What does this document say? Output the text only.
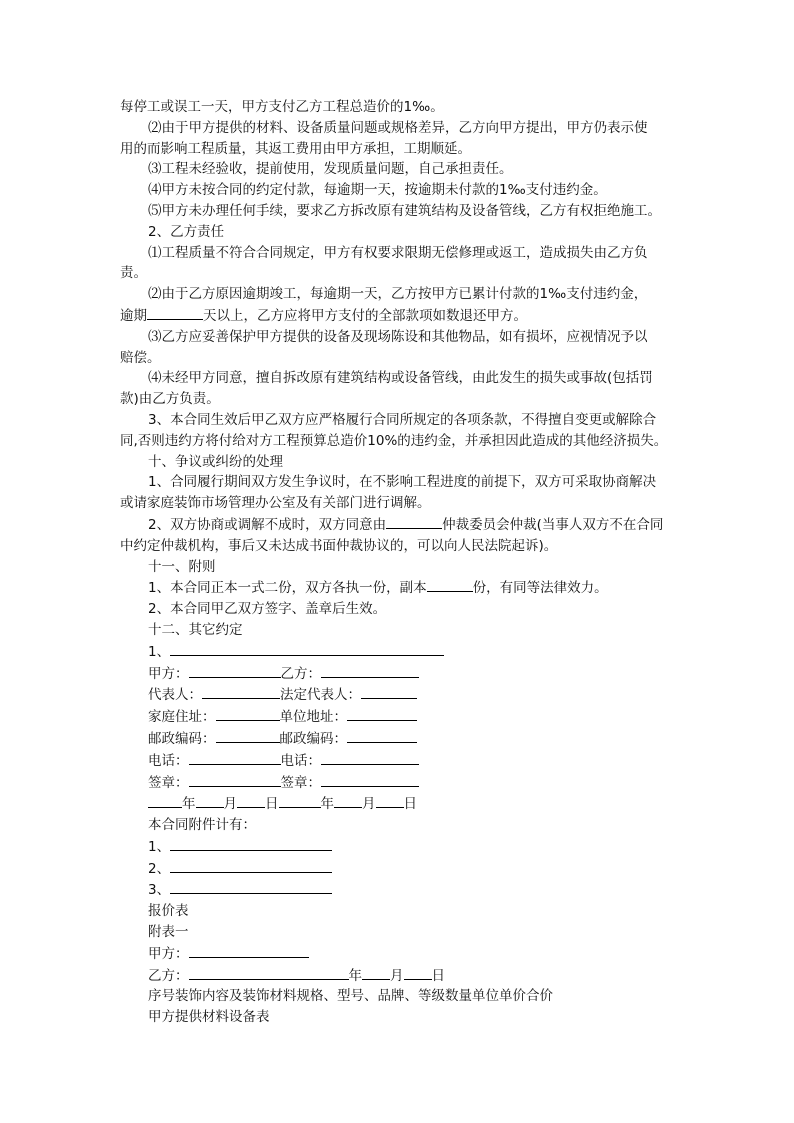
每停工或误工一天，甲方支付乙方工程总造价的1‰。

⑵由于甲方提供的材料、设备质量问题或规格差异，乙方向甲方提出，甲方仍表示使

用的而影响工程质量，其返工费用由甲方承担，工期顺延。

⑶工程未经验收，提前使用，发现质量问题，自己承担责任。

⑷甲方未按合同的约定付款，每逾期一天，按逾期未付款的1‰支付违约金。

⑸甲方未办理任何手续，要求乙方拆改原有建筑结构及设备管线，乙方有权拒绝施工。

2、乙方责任

⑴工程质量不符合合同规定，甲方有权要求限期无偿修理或返工，造成损失由乙方负

责。

⑵由于乙方原因逾期竣工，每逾期一天，乙方按甲方已累计付款的1‰支付违约金，

逾期	天以上，乙方应将甲方支付的全部款项如数退还甲方。

⑶乙方应妥善保护甲方提供的设备及现场陈设和其他物品，如有损坏，应视情况予以

赔偿。

⑷未经甲方同意，擅自拆改原有建筑结构或设备管线，由此发生的损失或事故(包括罚

款)由乙方负责。

3、本合同生效后甲乙双方应严格履行合同所规定的各项条款，不得擅自变更或解除合

同,否则违约方将付给对方工程预算总造价10%的违约金，并承担因此造成的其他经济损失。

十、争议或纠纷的处理

1、合同履行期间双方发生争议时，在不影响工程进度的前提下，双方可采取协商解决

或请家庭装饰市场管理办公室及有关部门进行调解。

2、双方协商或调解不成时，双方同意由	仲裁委员会仲裁(当事人双方不在合同

中约定仲裁机构，事后又未达成书面仲裁协议的，可以向人民法院起诉)。

十一、附则

1、本合同正本一式二份，双方各执一份，副本	份，有同等法律效力。

2、本合同甲乙双方签字、盖章后生效。

十二、其它约定

1、

甲方：	乙方：

代表人：	法定代表人：

家庭住址：	单位地址：

邮政编码：	邮政编码：

电话：	电话：

签章：	签章：

年 月 日	年 月 日

本合同附件计有：

1、

2、

3、

报价表

附表一

甲方：

乙方：	年 月 日

序号装饰内容及装饰材料规格、型号、品牌、等级数量单位单价合价

甲方提供材料设备表
